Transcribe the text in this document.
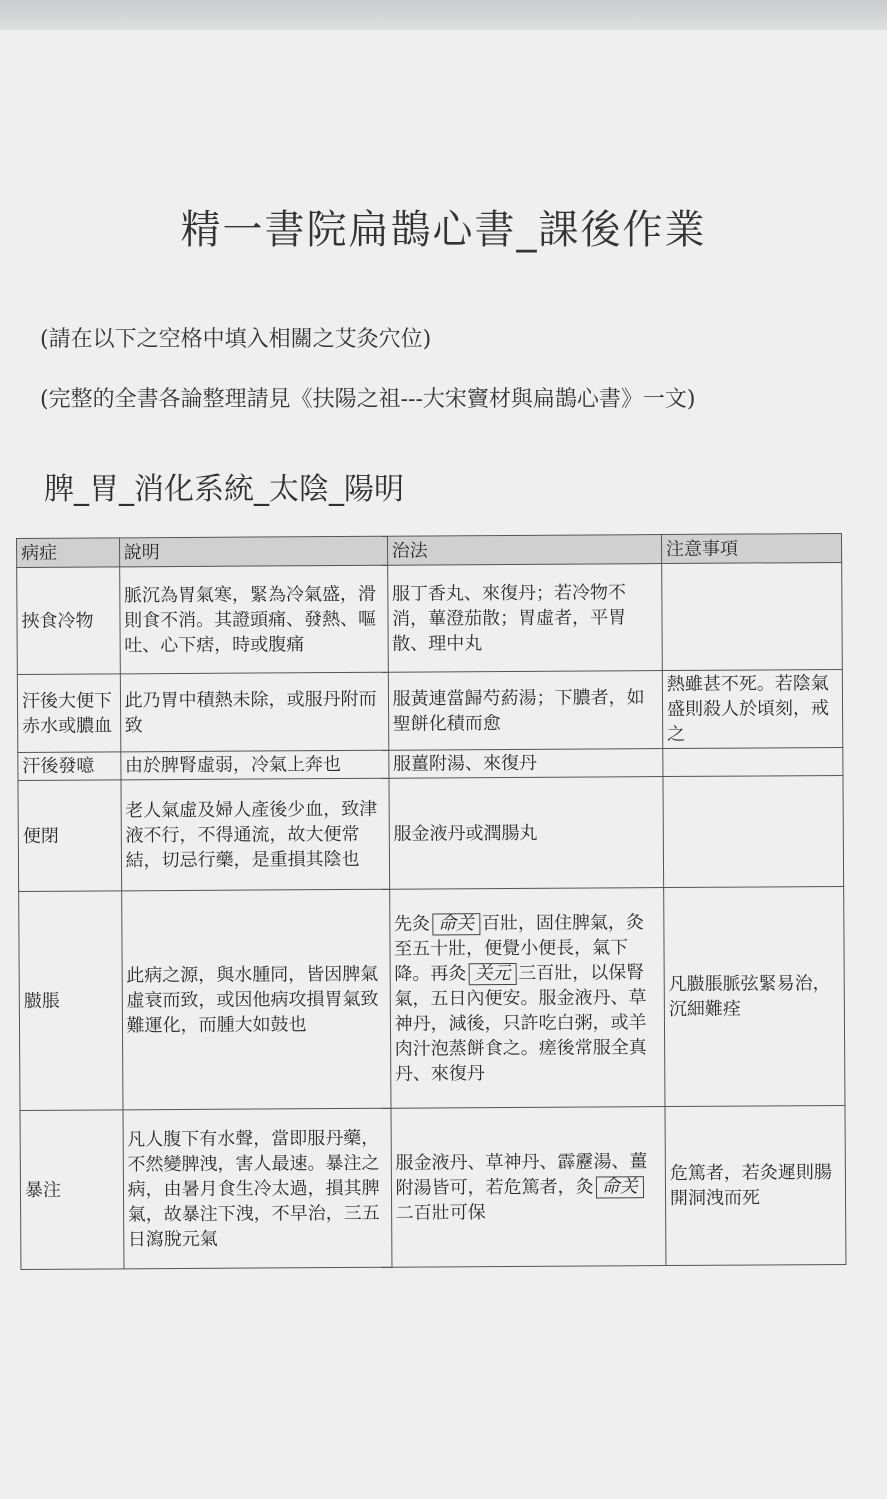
精一書院扁鵲心書_課後作業
(請在以下之空格中填入相關之艾灸穴位)
(完整的全書各論整理請見《扶陽之祖---大宋竇材與扁鵲心書》一文)
脾_胃_消化系統_太陰_陽明
病症	說明	治法	注意事項
挾食冷物	脈沉為胃氣寒，緊為冷氣盛，滑則食不消。其證頭痛、發熱、嘔吐、心下痞，時或腹痛	服丁香丸、來復丹；若冷物不消，蓽澄茄散；胃虛者，平胃散、理中丸	
汗後大便下赤水或膿血	此乃胃中積熱未除，或服丹附而致	服黃連當歸芍葯湯；下膿者，如聖餅化積而愈	熱雖甚不死。若陰氣盛則殺人於頃刻，戒之
汗後發噫	由於脾腎虛弱，冷氣上奔也	服薑附湯、來復丹	
便閉	老人氣虛及婦人產後少血，致津液不行，不得通流，故大便常結，切忌行藥，是重損其陰也	服金液丹或潤腸丸	
臌脹	此病之源，與水腫同，皆因脾氣虛衰而致，或因他病攻損胃氣致難運化，而腫大如鼓也	先灸 命关 百壯，固住脾氣，灸至五十壯，便覺小便長，氣下降。再灸 关元 三百壯，以保腎氣，五日內便安。服金液丹、草神丹，減後，只許吃白粥，或羊肉汁泡蒸餅食之。瘥後常服全真丹、來復丹	凡臌脹脈弦緊易治，沉細難痊
暴注	凡人腹下有水聲，當即服丹藥，不然變脾洩，害人最速。暴注之病，由暑月食生冷太過，損其脾氣，故暴注下洩，不早治，三五日瀉脫元氣	服金液丹、草神丹、霹靂湯、薑附湯皆可，若危篤者，灸 命关二百壯可保	危篤者，若灸遲則腸開洞洩而死
